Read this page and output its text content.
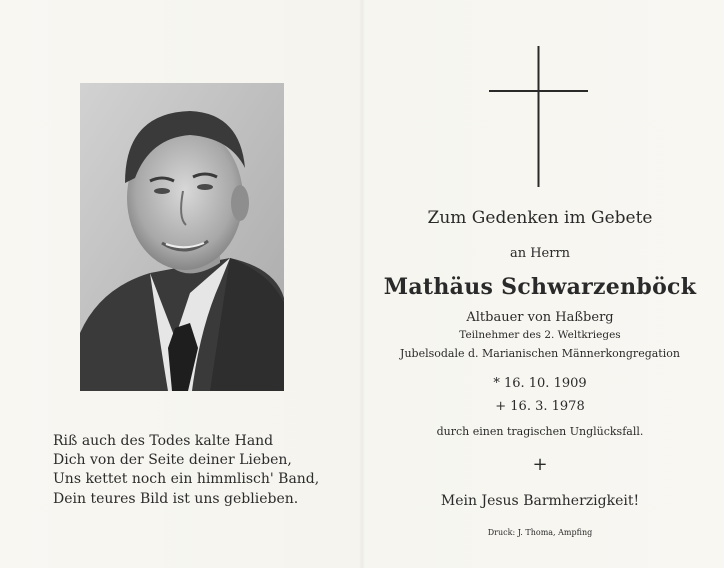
Riß auch des Todes kalte Hand
Dich von der Seite deiner Lieben,
Uns kettet noch ein himmlisch' Band,
Dein teures Bild ist uns geblieben.
Zum Gedenken im Gebete
an Herrn
Mathäus Schwarzenböck
Altbauer von Haßberg
Teilnehmer des 2. Weltkrieges
Jubelsodale d. Marianischen Männerkongregation
* 16. 10. 1909
+ 16. 3. 1978
durch einen tragischen Unglücksfall.
+
Mein Jesus Barmherzigkeit!
Druck: J. Thoma, Ampfing
